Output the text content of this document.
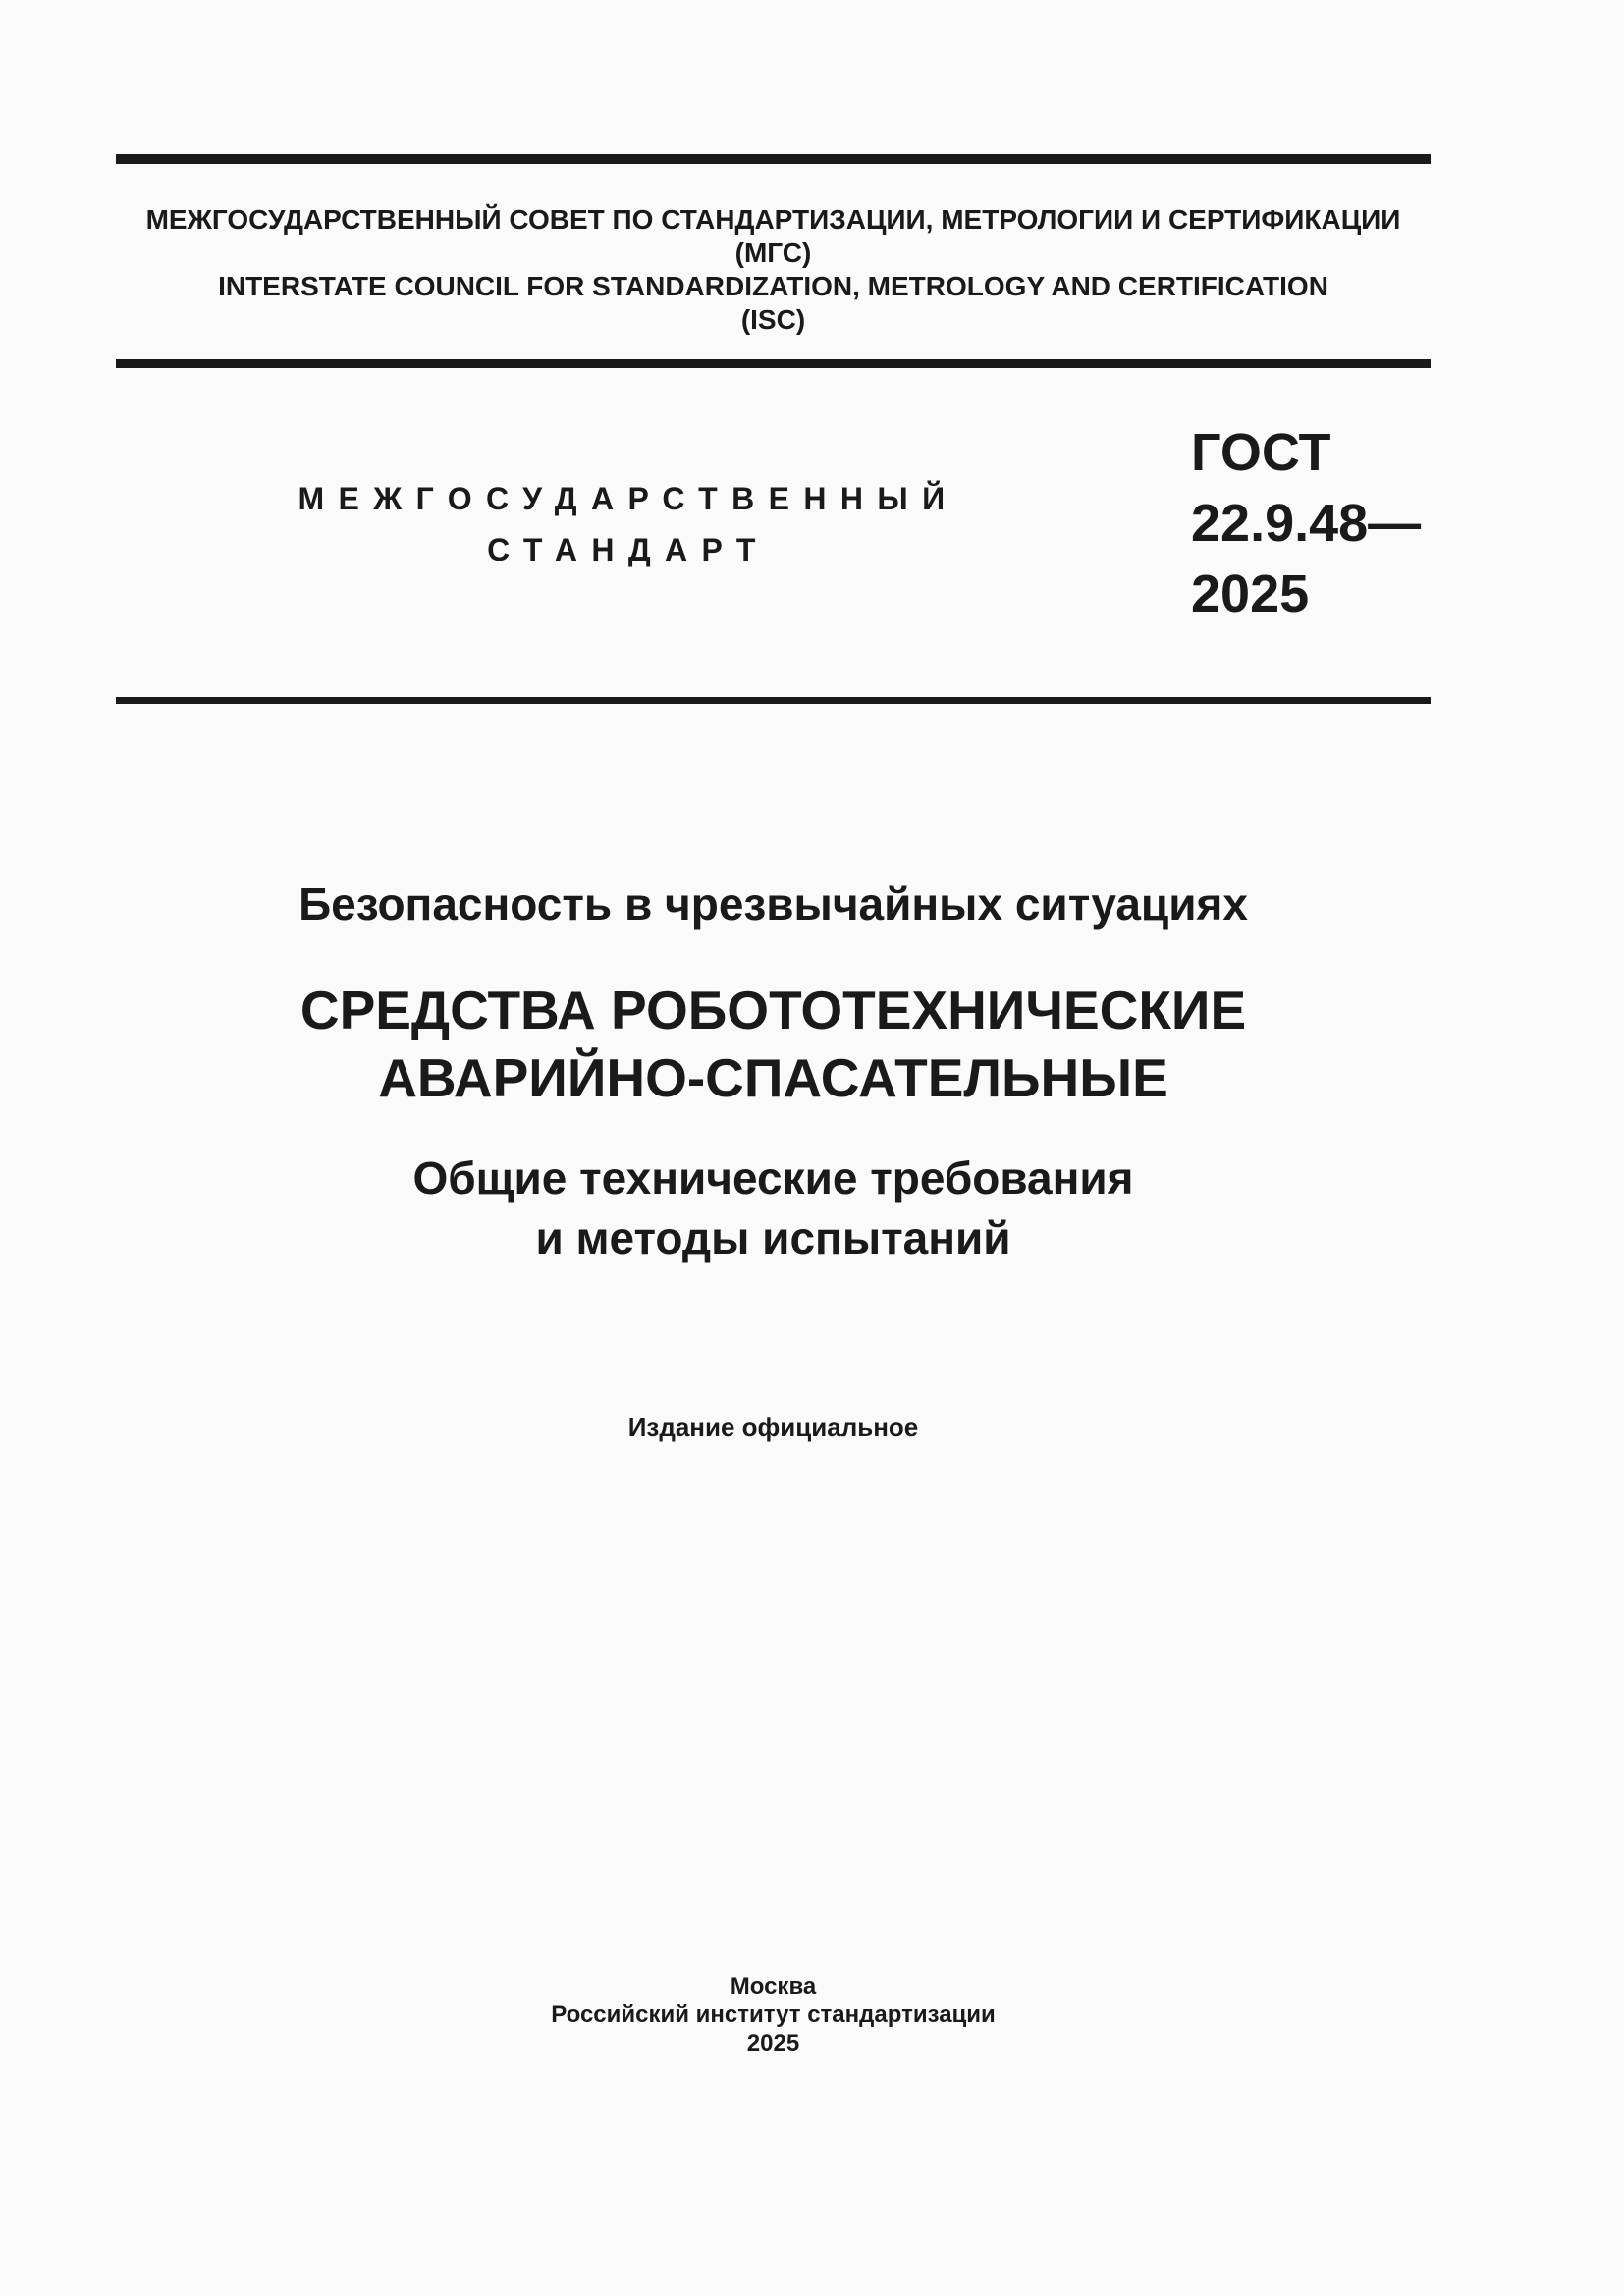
МЕЖГОСУДАРСТВЕННЫЙ СОВЕТ ПО СТАНДАРТИЗАЦИИ, МЕТРОЛОГИИ И СЕРТИФИКАЦИИ
(МГС)
INTERSTATE COUNCIL FOR STANDARDIZATION, METROLOGY AND CERTIFICATION
(ISC)
МЕЖГОСУДАРСТВЕННЫЙ
СТАНДАРТ
ГОСТ
22.9.48—
2025
Безопасность в чрезвычайных ситуациях
СРЕДСТВА РОБОТОТЕХНИЧЕСКИЕ
АВАРИЙНО-СПАСАТЕЛЬНЫЕ
Общие технические требования
и методы испытаний
Издание официальное
Москва
Российский институт стандартизации
2025
